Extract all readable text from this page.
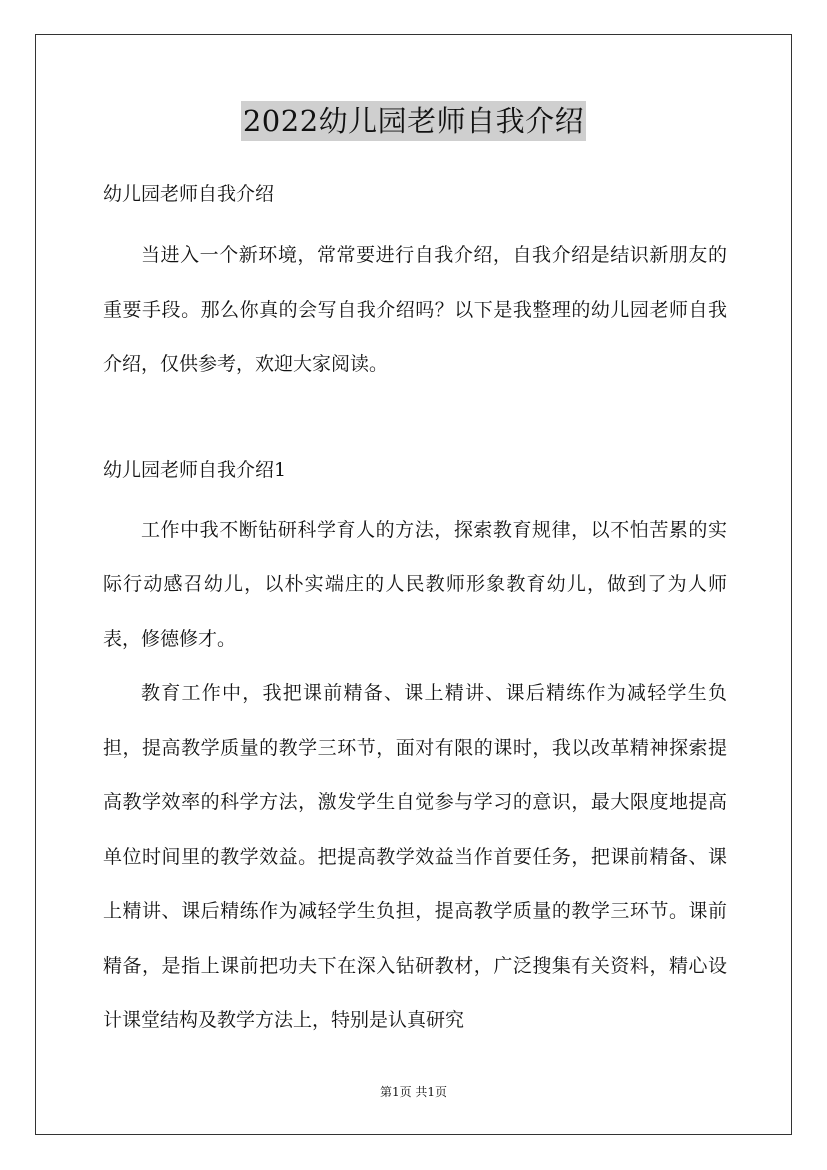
2022幼儿园老师自我介绍

幼儿园老师自我介绍

当进入一个新环境，常常要进行自我介绍，自我介绍是结识新朋友的重要手段。那么你真的会写自我介绍吗？以下是我整理的幼儿园老师自我介绍，仅供参考，欢迎大家阅读。

幼儿园老师自我介绍1

工作中我不断钻研科学育人的方法，探索教育规律，以不怕苦累的实际行动感召幼儿，以朴实端庄的人民教师形象教育幼儿，做到了为人师表，修德修才。

教育工作中，我把课前精备、课上精讲、课后精练作为减轻学生负担，提高教学质量的教学三环节，面对有限的课时，我以改革精神探索提高教学效率的科学方法，激发学生自觉参与学习的意识，最大限度地提高单位时间里的教学效益。把提高教学效益当作首要任务，把课前精备、课上精讲、课后精练作为减轻学生负担，提高教学质量的教学三环节。课前精备，是指上课前把功夫下在深入钻研教材，广泛搜集有关资料，精心设计课堂结构及教学方法上，特别是认真研究

第1页 共1页
